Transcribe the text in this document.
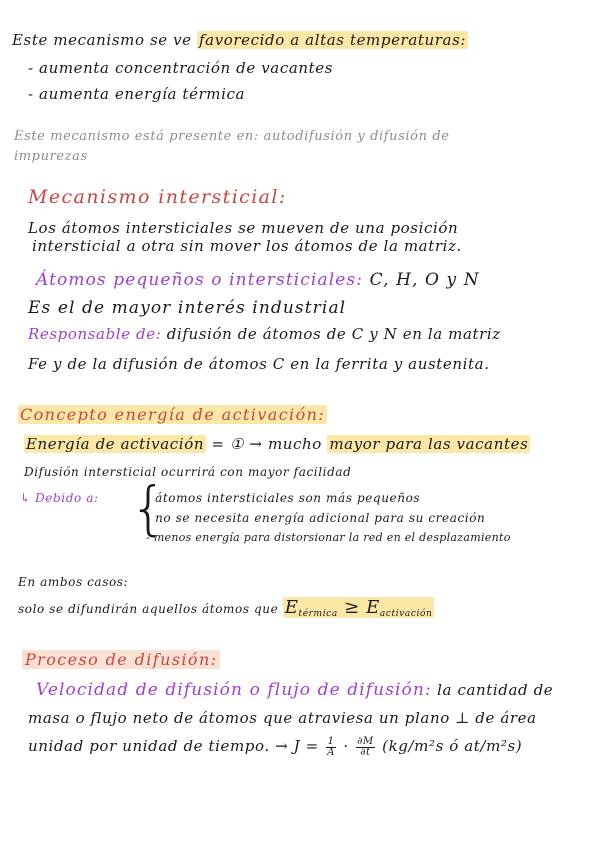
Este mecanismo se ve favorecido a altas temperaturas:
- aumenta concentración de vacantes
- aumenta energía térmica
Este mecanismo está presente en: autodifusión y difusión de
impurezas
Mecanismo intersticial:
Los átomos intersticiales se mueven de una posición
intersticial a otra sin mover los átomos de la matriz.
Átomos pequeños o intersticiales: C, H, O y N
Es el de mayor interés industrial
Responsable de: difusión de átomos de C y N en la matriz
Fe y de la difusión de átomos C en la ferrita y austenita.
Concepto energía de activación:
Energía de activación = ① → mucho mayor para las vacantes
Difusión intersticial ocurrirá con mayor facilidad
↳ Debido a: {
- átomos intersticiales son más pequeños
- no se necesita energía adicional para su creación
- menos energía para distorsionar la red en el desplazamiento
En ambos casos:
solo se difundirán aquellos átomos que $E_{térmica} \ge E_{activación}$
Proceso de difusión:
Velocidad de difusión o flujo de difusión: la cantidad de
masa o flujo neto de átomos que atraviesa un plano ⊥ de área
unidad por unidad de tiempo. → $J = \frac{1}{A} \cdot \frac{\partial M}{\partial t} (kg/m^2s$ ó at/m²s)
